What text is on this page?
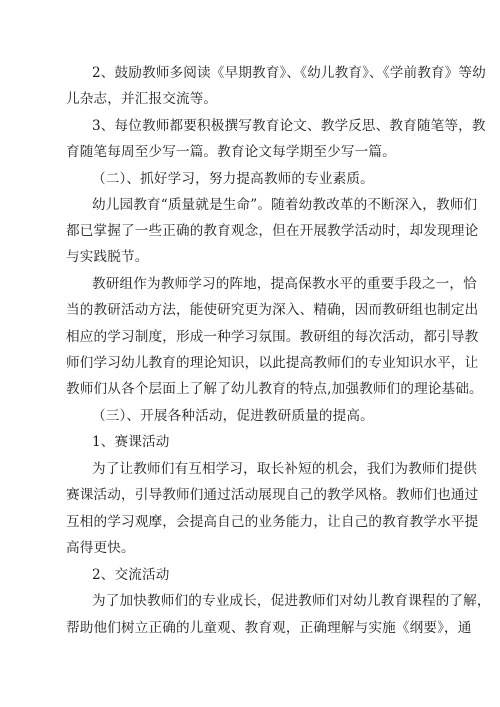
2、鼓励教师多阅读《早期教育》、《幼儿教育》、《学前教育》等幼
儿杂志，并汇报交流等。
3、每位教师都要积极撰写教育论文、教学反思、教育随笔等，教
育随笔每周至少写一篇。教育论文每学期至少写一篇。
（二）、抓好学习，努力提高教师的专业素质。
幼儿园教育“质量就是生命”。随着幼教改革的不断深入，教师们
都已掌握了一些正确的教育观念，但在开展教学活动时，却发现理论
与实践脱节。
教研组作为教师学习的阵地，提高保教水平的重要手段之一，恰
当的教研活动方法，能使研究更为深入、精确，因而教研组也制定出
相应的学习制度，形成一种学习氛围。教研组的每次活动，都引导教
师们学习幼儿教育的理论知识，以此提高教师们的专业知识水平，让
教师们从各个层面上了解了幼儿教育的特点,加强教师们的理论基础。
（三）、开展各种活动，促进教研质量的提高。
1、赛课活动
为了让教师们有互相学习，取长补短的机会，我们为教师们提供
赛课活动，引导教师们通过活动展现自己的教学风格。教师们也通过
互相的学习观摩，会提高自己的业务能力，让自己的教育教学水平提
高得更快。
2、交流活动
为了加快教师们的专业成长，促进教师们对幼儿教育课程的了解，
帮助他们树立正确的儿童观、教育观，正确理解与实施《纲要》，通
